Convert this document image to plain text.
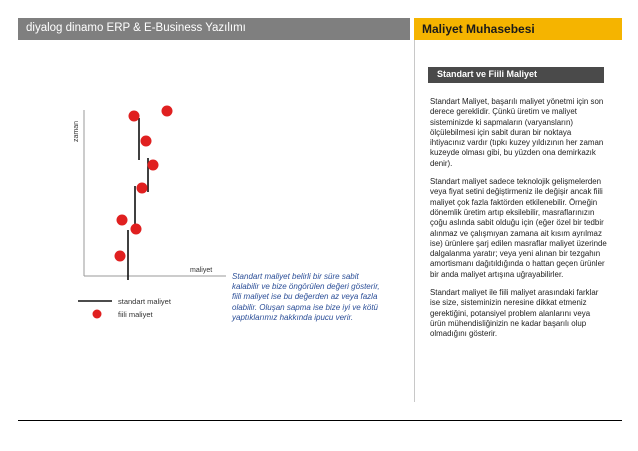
diyalog dinamo ERP & E-Business Yazılımı	Maliyet Muhasebesi
zaman
maliyet
standart maliyet
fiili maliyet
Standart maliyet belirli bir süre sabit kalabilir ve bize öngörülen değeri gösterir, fiili maliyet ise bu değerden az veya fazla olabilir. Oluşan sapma ise bize iyi ve kötü yaptıklarımız hakkında ipucu verir.
Standart ve Fiili Maliyet

Standart Maliyet, başarılı maliyet yönetmi için son derece gereklidir. Çünkü üretim ve maliyet sisteminizde ki sapmaların (varyansların) ölçülebilmesi için sabit duran bir noktaya ihtiyacınız vardır (tıpkı kuzey yıldızının her zaman kuzeyde olması gibi, bu yüzden ona demirkazık denir).

Standart maliyet sadece teknolojik gelişmelerden veya fiyat setini değiştirmeniz ile değişir ancak fiili maliyet çok fazla faktörden etkilenebilir. Örneğin dönemlik üretim artıp eksilebilir, masraflarınızın çoğu aslında sabit olduğu için (eğer özel bir tedbir alınmaz ve çalışmıyan zamana ait kısım ayrılmaz ise) ürünlere şarj edilen masraflar maliyet üzerinde dalgalanma yaratır; veya yeni alınan bir tezgahın amortismanı dağıtıldığında o hattan geçen ürünler bir anda maliyet artışına uğrayabilirler.

Standart maliyet ile fiili maliyet arasındaki farklar ise size, sisteminizin neresine dikkat etmeniz gerektiğini, potansiyel problem alanlarını veya ürün mühendisliğinizin ne kadar başarılı olup olmadığını gösterir.
